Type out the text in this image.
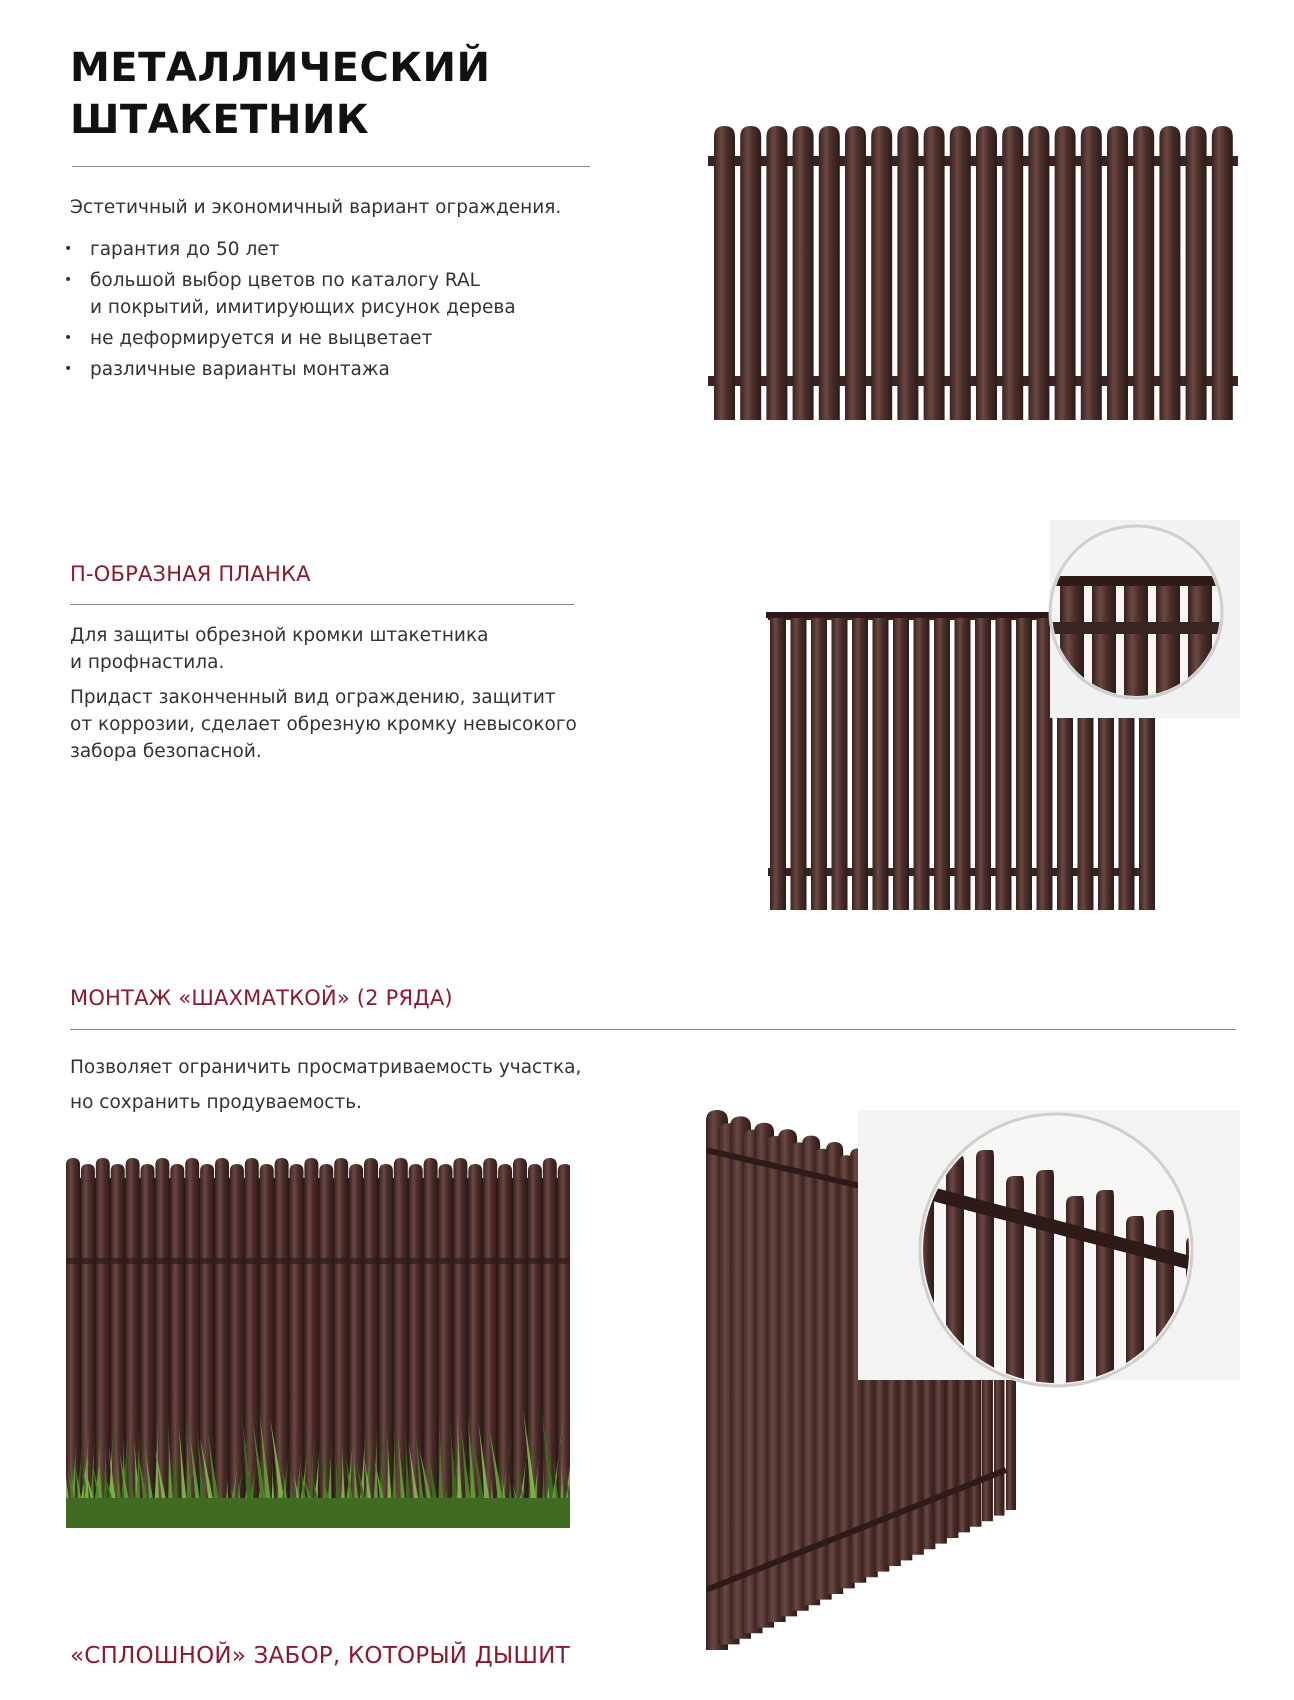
МЕТАЛЛИЧЕСКИЙ
ШТАКЕТНИК
Эстетичный и экономичный вариант ограждения.
• гарантия до 50 лет
• большой выбор цветов по каталогу RAL
и покрытий, имитирующих рисунок дерева
• не деформируется и не выцветает
• различные варианты монтажа
П-ОБРАЗНАЯ ПЛАНКА
Для защиты обрезной кромки штакетника
и профнастила.
Придаст законченный вид ограждению, защитит
от коррозии, сделает обрезную кромку невысокого
забора безопасной.
МОНТАЖ «ШАХМАТКОЙ» (2 РЯДА)
Позволяет ограничить просматриваемость участка,
но сохранить продуваемость.
«СПЛОШНОЙ» ЗАБОР, КОТОРЫЙ ДЫШИТ
